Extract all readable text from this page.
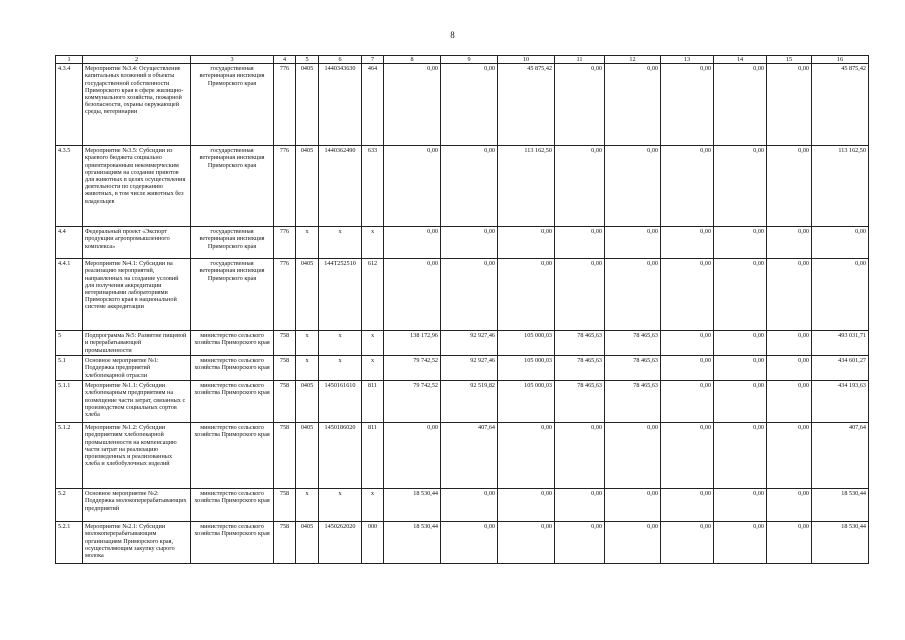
8
1	2	3	4	5	6	7	8	9	10	11	12	13	14	15	16
4.3.4	Мероприятие №3.4: Осуществление капитальных вложений в объекты государственной собственности Приморского края в сфере жилищно-коммунального хозяйства, пожарной безопасности, охраны окружающей среды, ветеринарии	государственная ветеринарная инспекция Приморского края	776	0405	1440343630	464	0,00	0,00	45 875,42	0,00	0,00	0,00	0,00	0,00	45 875,42
4.3.5	Мероприятие №3.5: Субсидии из краевого бюджета социально ориентированным некоммерческим организациям на создание приютов для животных в целях осуществления деятельности по содержанию животных, в том числе животных без владельцев	государственная ветеринарная инспекция Приморского края	776	0405	1440362490	633	0,00	0,00	113 162,50	0,00	0,00	0,00	0,00	0,00	113 162,50
4.4	Федеральный проект «Экспорт продукции агропромышленного комплекса»	государственная ветеринарная инспекция Приморского края	776	x	x	x	0,00	0,00	0,00	0,00	0,00	0,00	0,00	0,00	0,00
4.4.1	Мероприятие №4.1: Субсидии на реализацию мероприятий, направленных на создание условий для получения аккредитации ветеринарными лабораториями Приморского края в национальной системе аккредитации	государственная ветеринарная инспекция Приморского края	776	0405	144T252510	612	0,00	0,00	0,00	0,00	0,00	0,00	0,00	0,00	0,00
5	Подпрограмма №5: Развитие пищевой и перерабатывающей промышленности	министерство сельского хозяйства Приморского края	758	x	x	x	138 172,96	92 927,46	105 000,03	78 465,63	78 465,63	0,00	0,00	0,00	493 031,71
5.1	Основное мероприятие №1: Поддержка предприятий хлебопекарной отрасли	министерство сельского хозяйства Приморского края	758	x	x	x	79 742,52	92 927,46	105 000,03	78 465,63	78 465,63	0,00	0,00	0,00	434 601,27
5.1.1	Мероприятие №1.1: Субсидии хлебопекарным предприятиям на возмещение части затрат, связанных с производством социальных сортов хлеба	министерство сельского хозяйства Приморского края	758	0405	1450161610	811	79 742,52	92 519,82	105 000,03	78 465,63	78 465,63	0,00	0,00	0,00	434 193,63
5.1.2	Мероприятие №1.2: Субсидии предприятиям хлебопекарной промышленности на компенсацию части затрат на реализацию произведенных и реализованных хлеба и хлебобулочных изделий	министерство сельского хозяйства Приморского края	758	0405	1450186020	811	0,00	407,64	0,00	0,00	0,00	0,00	0,00	0,00	407,64
5.2	Основное мероприятие №2: Поддержка молокоперерабатывающих предприятий	министерство сельского хозяйства Приморского края	758	x	x	x	18 530,44	0,00	0,00	0,00	0,00	0,00	0,00	0,00	18 530,44
5.2.1	Мероприятие №2.1: Субсидии молокоперерабатывающим организациям Приморского края, осуществляющим закупку сырого молока	министерство сельского хозяйства Приморского края	758	0405	1450262020	000	18 530,44	0,00	0,00	0,00	0,00	0,00	0,00	0,00	18 530,44
